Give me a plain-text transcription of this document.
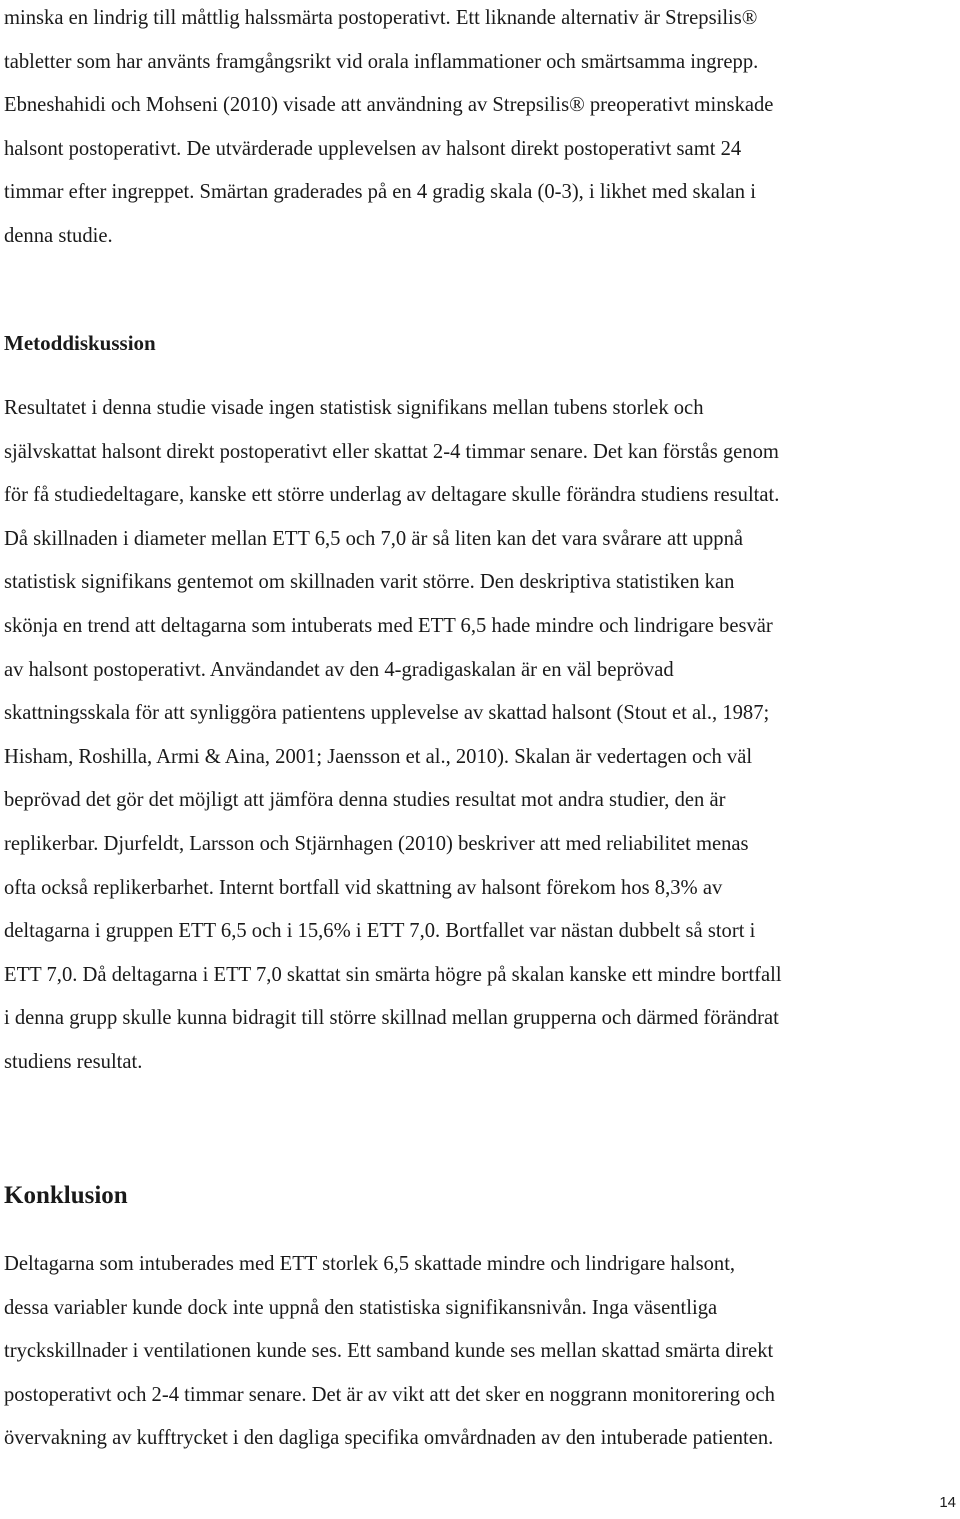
minska en lindrig till måttlig halssmärta postoperativt. Ett liknande alternativ är Strepsilis®
tabletter som har använts framgångsrikt vid orala inflammationer och smärtsamma ingrepp.
Ebneshahidi och Mohseni (2010) visade att användning av Strepsilis® preoperativt minskade
halsont postoperativt. De utvärderade upplevelsen av halsont direkt postoperativt samt 24
timmar efter ingreppet. Smärtan graderades på en 4 gradig skala (0-3), i likhet med skalan i
denna studie.

Metoddiskussion

Resultatet i denna studie visade ingen statistisk signifikans mellan tubens storlek och
självskattat halsont direkt postoperativt eller skattat 2-4 timmar senare. Det kan förstås genom
för få studiedeltagare, kanske ett större underlag av deltagare skulle förändra studiens resultat.
Då skillnaden i diameter mellan ETT 6,5 och 7,0 är så liten kan det vara svårare att uppnå
statistisk signifikans gentemot om skillnaden varit större. Den deskriptiva statistiken kan
skönja en trend att deltagarna som intuberats med ETT 6,5 hade mindre och lindrigare besvär
av halsont postoperativt. Användandet av den 4-gradigaskalan är en väl beprövad
skattningsskala för att synliggöra patientens upplevelse av skattad halsont (Stout et al., 1987;
Hisham, Roshilla, Armi & Aina, 2001; Jaensson et al., 2010). Skalan är vedertagen och väl
beprövad det gör det möjligt att jämföra denna studies resultat mot andra studier, den är
replikerbar. Djurfeldt, Larsson och Stjärnhagen (2010) beskriver att med reliabilitet menas
ofta också replikerbarhet. Internt bortfall vid skattning av halsont förekom hos 8,3% av
deltagarna i gruppen ETT 6,5 och i 15,6% i ETT 7,0. Bortfallet var nästan dubbelt så stort i
ETT 7,0. Då deltagarna i ETT 7,0 skattat sin smärta högre på skalan kanske ett mindre bortfall
i denna grupp skulle kunna bidragit till större skillnad mellan grupperna och därmed förändrat
studiens resultat.

Konklusion

Deltagarna som intuberades med ETT storlek 6,5 skattade mindre och lindrigare halsont,
dessa variabler kunde dock inte uppnå den statistiska signifikansnivån. Inga väsentliga
tryckskillnader i ventilationen kunde ses. Ett samband kunde ses mellan skattad smärta direkt
postoperativt och 2-4 timmar senare. Det är av vikt att det sker en noggrann monitorering och
övervakning av kufftrycket i den dagliga specifika omvårdnaden av den intuberade patienten.

14
